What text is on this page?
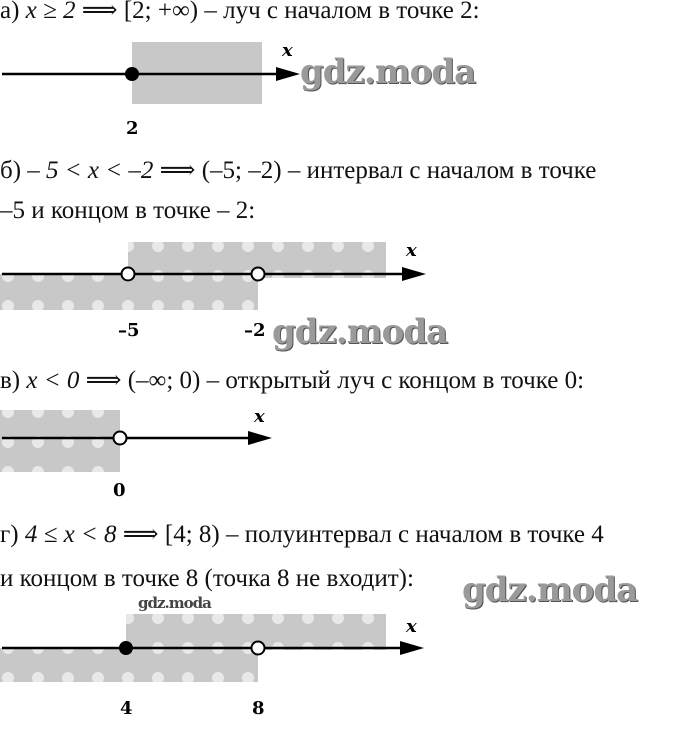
а) x ≥ 2 ⟹ [2; +∞) – луч с началом в точке 2:
x
2
б) – 5 < x < –2 ⟹ (–5; –2) – интервал с началом в точке
–5 и концом в точке – 2:
x
–5	–2
в) x < 0 ⟹ (–∞; 0) – открытый луч с концом в точке 0:
x
0
г) 4 ≤ x < 8 ⟹ [4; 8) – полуинтервал с началом в точке 4
и концом в точке 8 (точка 8 не входит):
x
4	8
gdz.moda
gdz.moda
gdz.moda
gdz.moda
